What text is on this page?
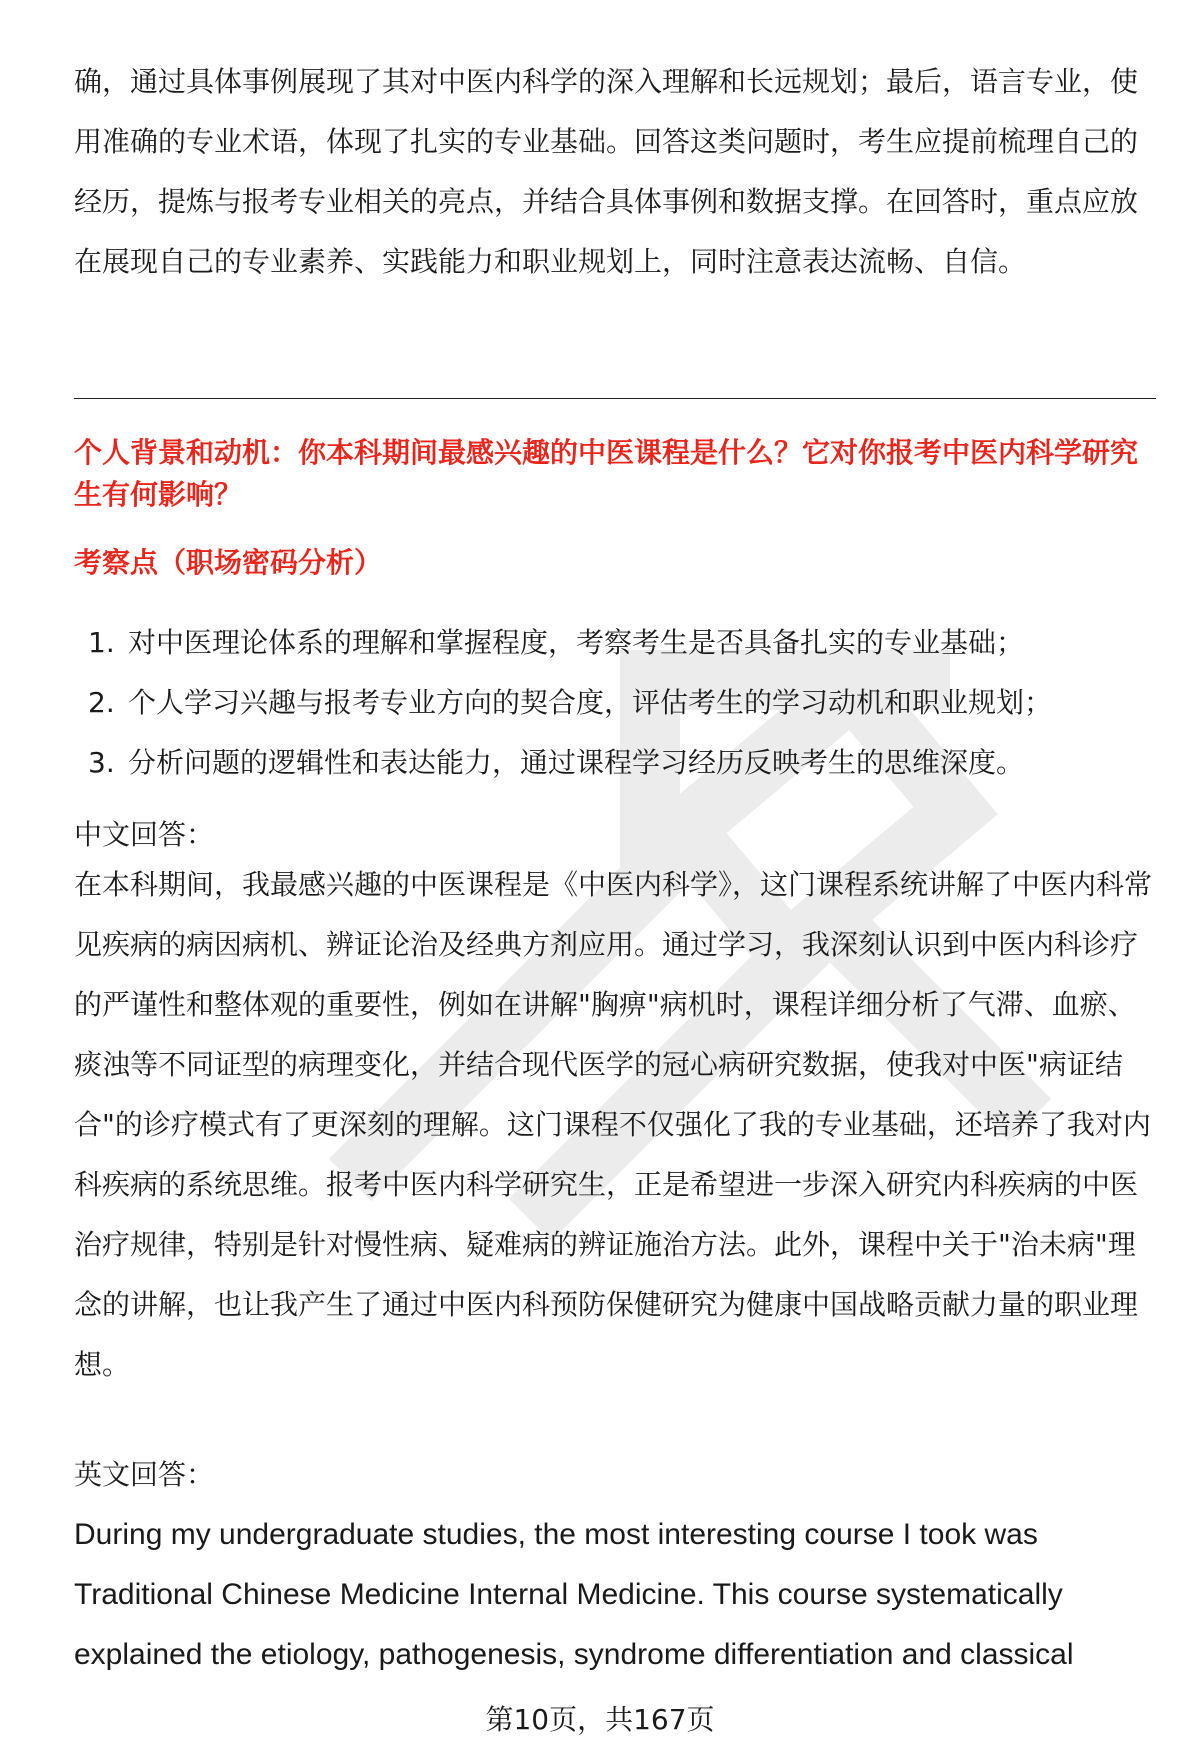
确，通过具体事例展现了其对中医内科学的深入理解和长远规划；最后，语言专业，使用准确的专业术语，体现了扎实的专业基础。回答这类问题时，考生应提前梳理自己的经历，提炼与报考专业相关的亮点，并结合具体事例和数据支撑。在回答时，重点应放在展现自己的专业素养、实践能力和职业规划上，同时注意表达流畅、自信。

个人背景和动机：你本科期间最感兴趣的中医课程是什么？它对你报考中医内科学研究生有何影响？

考察点（职场密码分析）

1. 对中医理论体系的理解和掌握程度，考察考生是否具备扎实的专业基础；
2. 个人学习兴趣与报考专业方向的契合度，评估考生的学习动机和职业规划；
3. 分析问题的逻辑性和表达能力，通过课程学习经历反映考生的思维深度。

中文回答：

在本科期间，我最感兴趣的中医课程是《中医内科学》，这门课程系统讲解了中医内科常见疾病的病因病机、辨证论治及经典方剂应用。通过学习，我深刻认识到中医内科诊疗的严谨性和整体观的重要性，例如在讲解"胸痹"病机时，课程详细分析了气滞、血瘀、痰浊等不同证型的病理变化，并结合现代医学的冠心病研究数据，使我对中医"病证结合"的诊疗模式有了更深刻的理解。这门课程不仅强化了我的专业基础，还培养了我对内科疾病的系统思维。报考中医内科学研究生，正是希望进一步深入研究内科疾病的中医治疗规律，特别是针对慢性病、疑难病的辨证施治方法。此外，课程中关于"治未病"理念的讲解，也让我产生了通过中医内科预防保健研究为健康中国战略贡献力量的职业理想。

英文回答：

During my undergraduate studies, the most interesting course I took was

Traditional Chinese Medicine Internal Medicine. This course systematically

explained the etiology, pathogenesis, syndrome differentiation and classical

第10页，共167页
